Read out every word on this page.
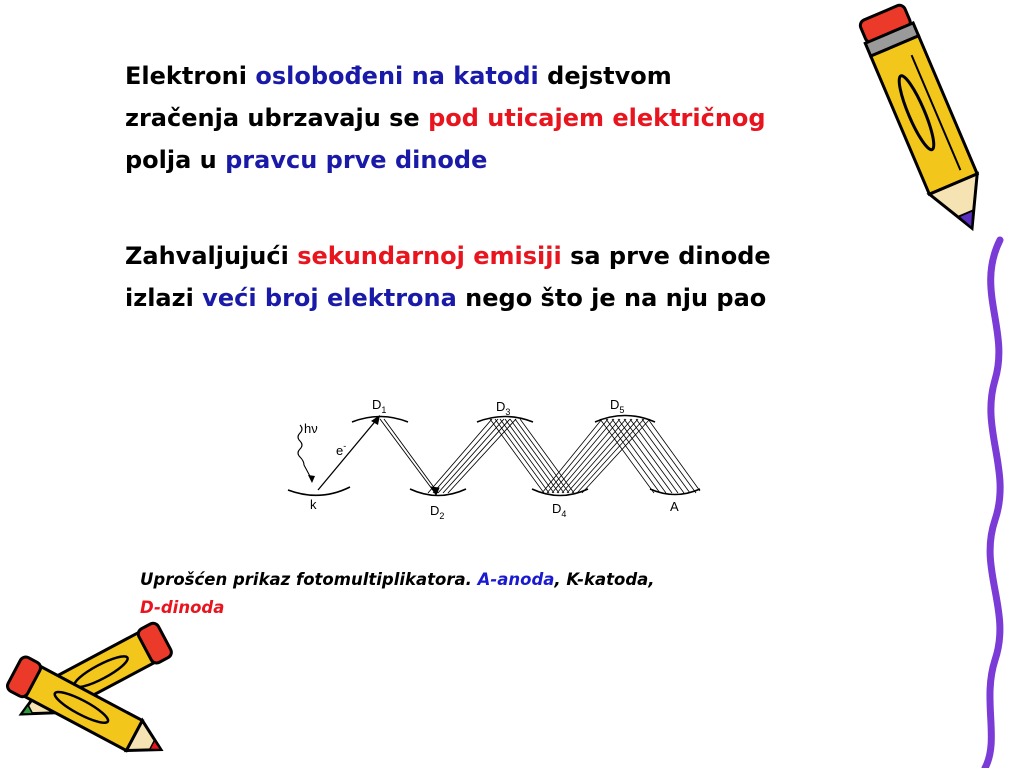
Elektroni oslobođeni na katodi dejstvom
zračenja ubrzavaju se pod uticajem električnog
polja u pravcu prve dinode
Zahvaljujući sekundarnoj emisiji sa prve dinode
izlazi veći broj elektrona nego što je na nju pao
hν
e-
k	A
$D_1$
$D_2$
$D_3$
$D_4$
$D_5$
Uprošćen prikaz fotomultiplikatora. A-anoda, K-katoda,
D-dinoda
